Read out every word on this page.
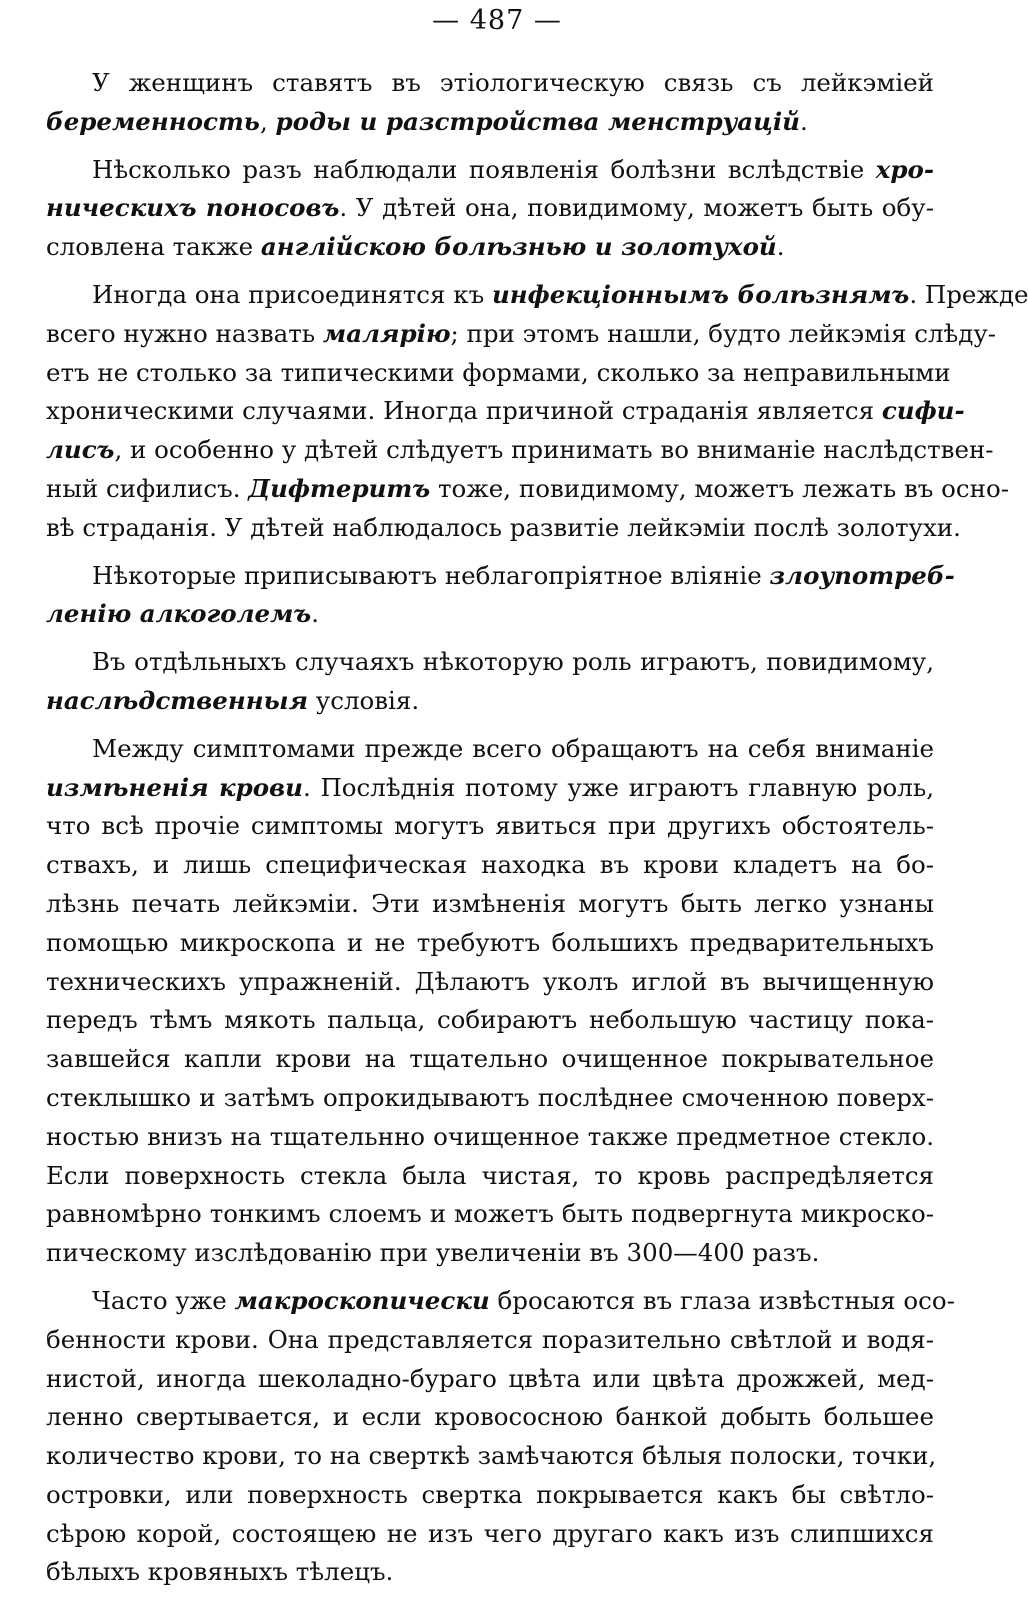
— 487 —
У женщинъ ставятъ въ этіологическую связь съ лейкэміей
беременность, роды и разстройства менструацій.
Нѣсколько разъ наблюдали появленія болѣзни вслѣдствіе хро-
ническихъ поносовъ. У дѣтей она, повидимому, можетъ быть обу-
словлена также англійскою болѣзнью и золотухой.
Иногда она присоединятся къ инфекціоннымъ болѣзнямъ. Прежде
всего нужно назвать малярію; при этомъ нашли, будто лейкэмія слѣду-
етъ не столько за типическими формами, сколько за неправильными
хроническими случаями. Иногда причиной страданія является сифи-
лисъ, и особенно у дѣтей слѣдуетъ принимать во вниманіе наслѣдствен-
ный сифилисъ. Дифтеритъ тоже, повидимому, можетъ лежать въ осно-
вѣ страданія. У дѣтей наблюдалось развитіе лейкэміи послѣ золотухи.
Нѣкоторые приписываютъ неблагопріятное вліяніе злоупотреб-
ленію алкоголемъ.
Въ отдѣльныхъ случаяхъ нѣкоторую роль играютъ, повидимому,
наслѣдственныя условія.
Между симптомами прежде всего обращаютъ на себя вниманіе
измѣненія крови. Послѣднія потому уже играютъ главную роль,
что всѣ прочіе симптомы могутъ явиться при другихъ обстоятель-
ствахъ, и лишь специфическая находка въ крови кладетъ на бо-
лѣзнь печать лейкэміи. Эти измѣненія могутъ быть легко узнаны
помощью микроскопа и не требуютъ большихъ предварительныхъ
техническихъ упражненій. Дѣлаютъ уколъ иглой въ вычищенную
передъ тѣмъ мякоть пальца, собираютъ небольшую частицу пока-
завшейся капли крови на тщательно очищенное покрывательное
стеклышко и затѣмъ опрокидываютъ послѣднее смоченною поверх-
ностью внизъ на тщательнно очищенное также предметное стекло.
Если поверхность стекла была чистая, то кровь распредѣляется
равномѣрно тонкимъ слоемъ и можетъ быть подвергнута микроско-
пическому изслѣдованію при увеличеніи въ 300—400 разъ.
Часто уже макроскопически бросаются въ глаза извѣстныя осо-
бенности крови. Она представляется поразительно свѣтлой и водя-
нистой, иногда шеколадно-бураго цвѣта или цвѣта дрожжей, мед-
ленно свертывается, и если кровососною банкой добыть большее
количество крови, то на сверткѣ замѣчаются бѣлыя полоски, точки,
островки, или поверхность свертка покрывается какъ бы свѣтло-
сѣрою корой, состоящею не изъ чего другаго какъ изъ слипшихся
бѣлыхъ кровяныхъ тѣлецъ.
